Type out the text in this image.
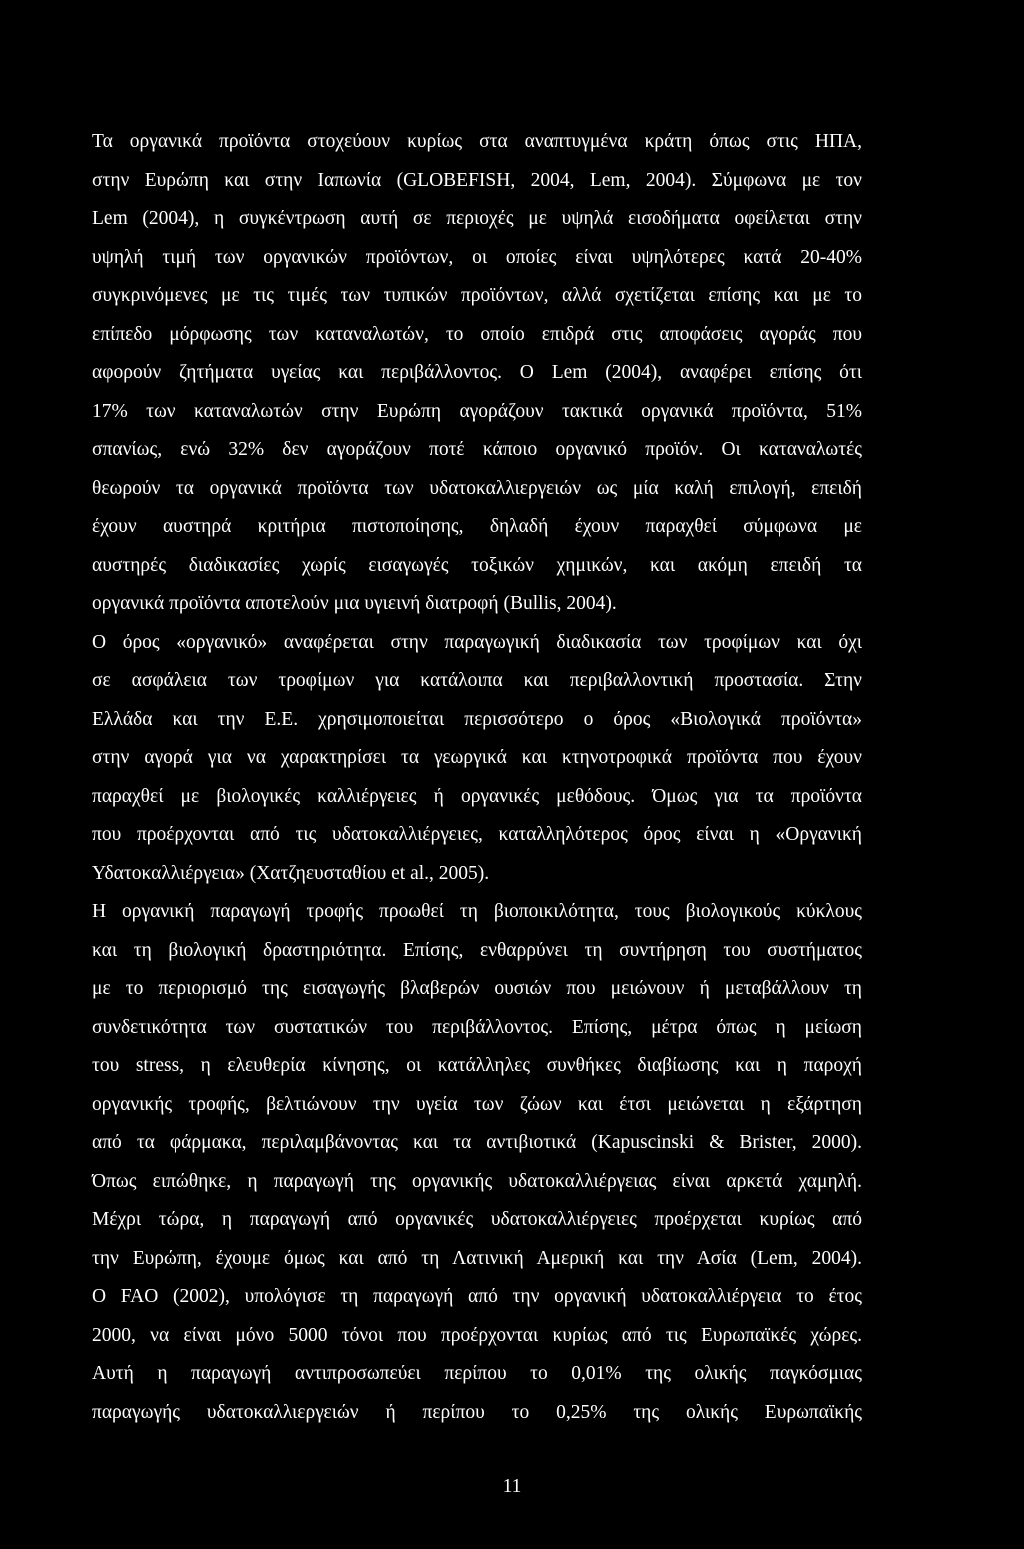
Τα οργανικά προϊόντα στοχεύουν κυρίως στα αναπτυγμένα κράτη όπως στις ΗΠΑ,
στην Ευρώπη και στην Ιαπωνία (GLOBEFISH, 2004, Lem, 2004). Σύμφωνα με τον
Lem (2004), η συγκέντρωση αυτή σε περιοχές με υψηλά εισοδήματα οφείλεται στην
υψηλή τιμή των οργανικών προϊόντων, οι οποίες είναι υψηλότερες κατά 20-40%
συγκρινόμενες με τις τιμές των τυπικών προϊόντων, αλλά σχετίζεται επίσης και με το
επίπεδο μόρφωσης των καταναλωτών, το οποίο επιδρά στις αποφάσεις αγοράς που
αφορούν ζητήματα υγείας και περιβάλλοντος. Ο Lem (2004), αναφέρει επίσης ότι
17% των καταναλωτών στην Ευρώπη αγοράζουν τακτικά οργανικά προϊόντα, 51%
σπανίως, ενώ 32% δεν αγοράζουν ποτέ κάποιο οργανικό προϊόν. Οι καταναλωτές
θεωρούν τα οργανικά προϊόντα των υδατοκαλλιεργειών ως μία καλή επιλογή, επειδή
έχουν αυστηρά κριτήρια πιστοποίησης, δηλαδή έχουν παραχθεί σύμφωνα με
αυστηρές διαδικασίες χωρίς εισαγωγές τοξικών χημικών, και ακόμη επειδή τα
οργανικά προϊόντα αποτελούν μια υγιεινή διατροφή (Bullis, 2004).
Ο όρος «οργανικό» αναφέρεται στην παραγωγική διαδικασία των τροφίμων και όχι
σε ασφάλεια των τροφίμων για κατάλοιπα και περιβαλλοντική προστασία. Στην
Ελλάδα και την Ε.Ε. χρησιμοποιείται περισσότερο ο όρος «Βιολογικά προϊόντα»
στην αγορά για να χαρακτηρίσει τα γεωργικά και κτηνοτροφικά προϊόντα που έχουν
παραχθεί με βιολογικές καλλιέργειες ή οργανικές μεθόδους. Όμως για τα προϊόντα
που προέρχονται από τις υδατοκαλλιέργειες, καταλληλότερος όρος είναι η «Οργανική
Υδατοκαλλιέργεια» (Χατζηευσταθίου et al., 2005).
Η οργανική παραγωγή τροφής προωθεί τη βιοποικιλότητα, τους βιολογικούς κύκλους
και τη βιολογική δραστηριότητα. Επίσης, ενθαρρύνει τη συντήρηση του συστήματος
με το περιορισμό της εισαγωγής βλαβερών ουσιών που μειώνουν ή μεταβάλλουν τη
συνδετικότητα των συστατικών του περιβάλλοντος. Επίσης, μέτρα όπως η μείωση
του stress, η ελευθερία κίνησης, οι κατάλληλες συνθήκες διαβίωσης και η παροχή
οργανικής τροφής, βελτιώνουν την υγεία των ζώων και έτσι μειώνεται η εξάρτηση
από τα φάρμακα, περιλαμβάνοντας και τα αντιβιοτικά (Kapuscinski & Brister, 2000).
Όπως ειπώθηκε, η παραγωγή της οργανικής υδατοκαλλιέργειας είναι αρκετά χαμηλή.
Μέχρι τώρα, η παραγωγή από οργανικές υδατοκαλλιέργειες προέρχεται κυρίως από
την Ευρώπη, έχουμε όμως και από τη Λατινική Αμερική και την Ασία (Lem, 2004).
Ο FAO (2002), υπολόγισε τη παραγωγή από την οργανική υδατοκαλλιέργεια το έτος
2000, να είναι μόνο 5000 τόνοι που προέρχονται κυρίως από τις Ευρωπαϊκές χώρες.
Αυτή η παραγωγή αντιπροσωπεύει περίπου το 0,01% της ολικής παγκόσμιας
παραγωγής υδατοκαλλιεργειών ή περίπου το 0,25% της ολικής Ευρωπαϊκής
11
